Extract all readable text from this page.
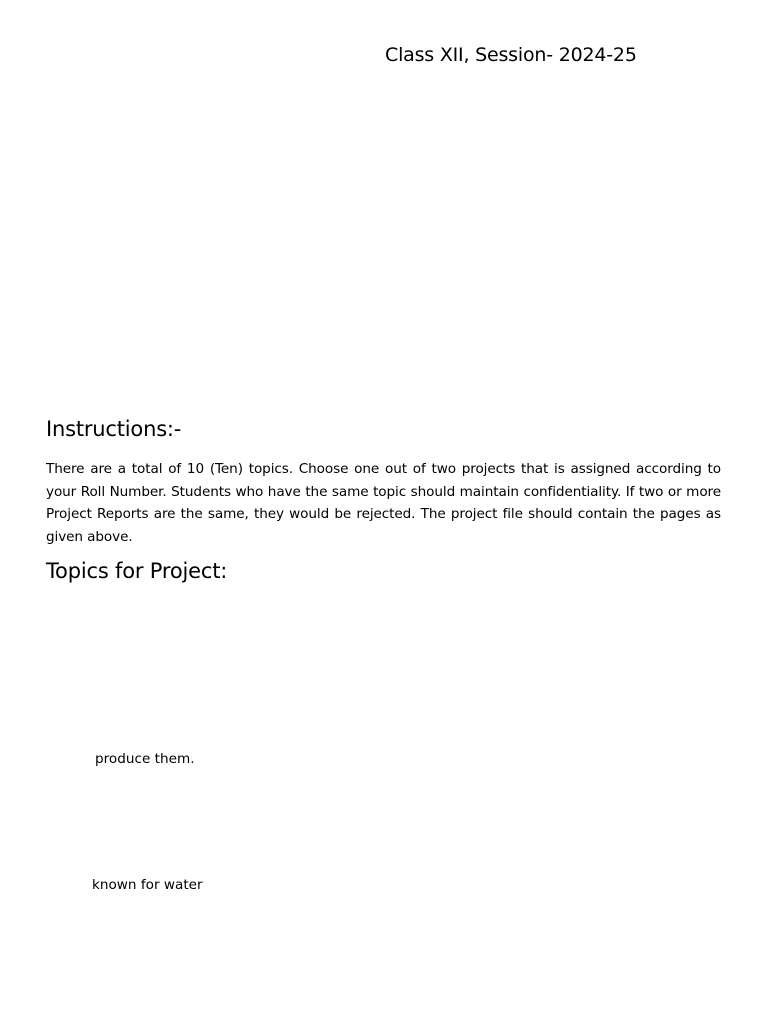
Class XII, Session- 2024-25
Instructions:-

There are a total of 10 (Ten) topics. Choose one out of two projects that is assigned according to your Roll Number. Students who have the same topic should maintain confidentiality. If two or more Project Reports are the same, they would be rejected. The project file should contain the pages as given above.

Topics for Project:
produce them.
known for water
